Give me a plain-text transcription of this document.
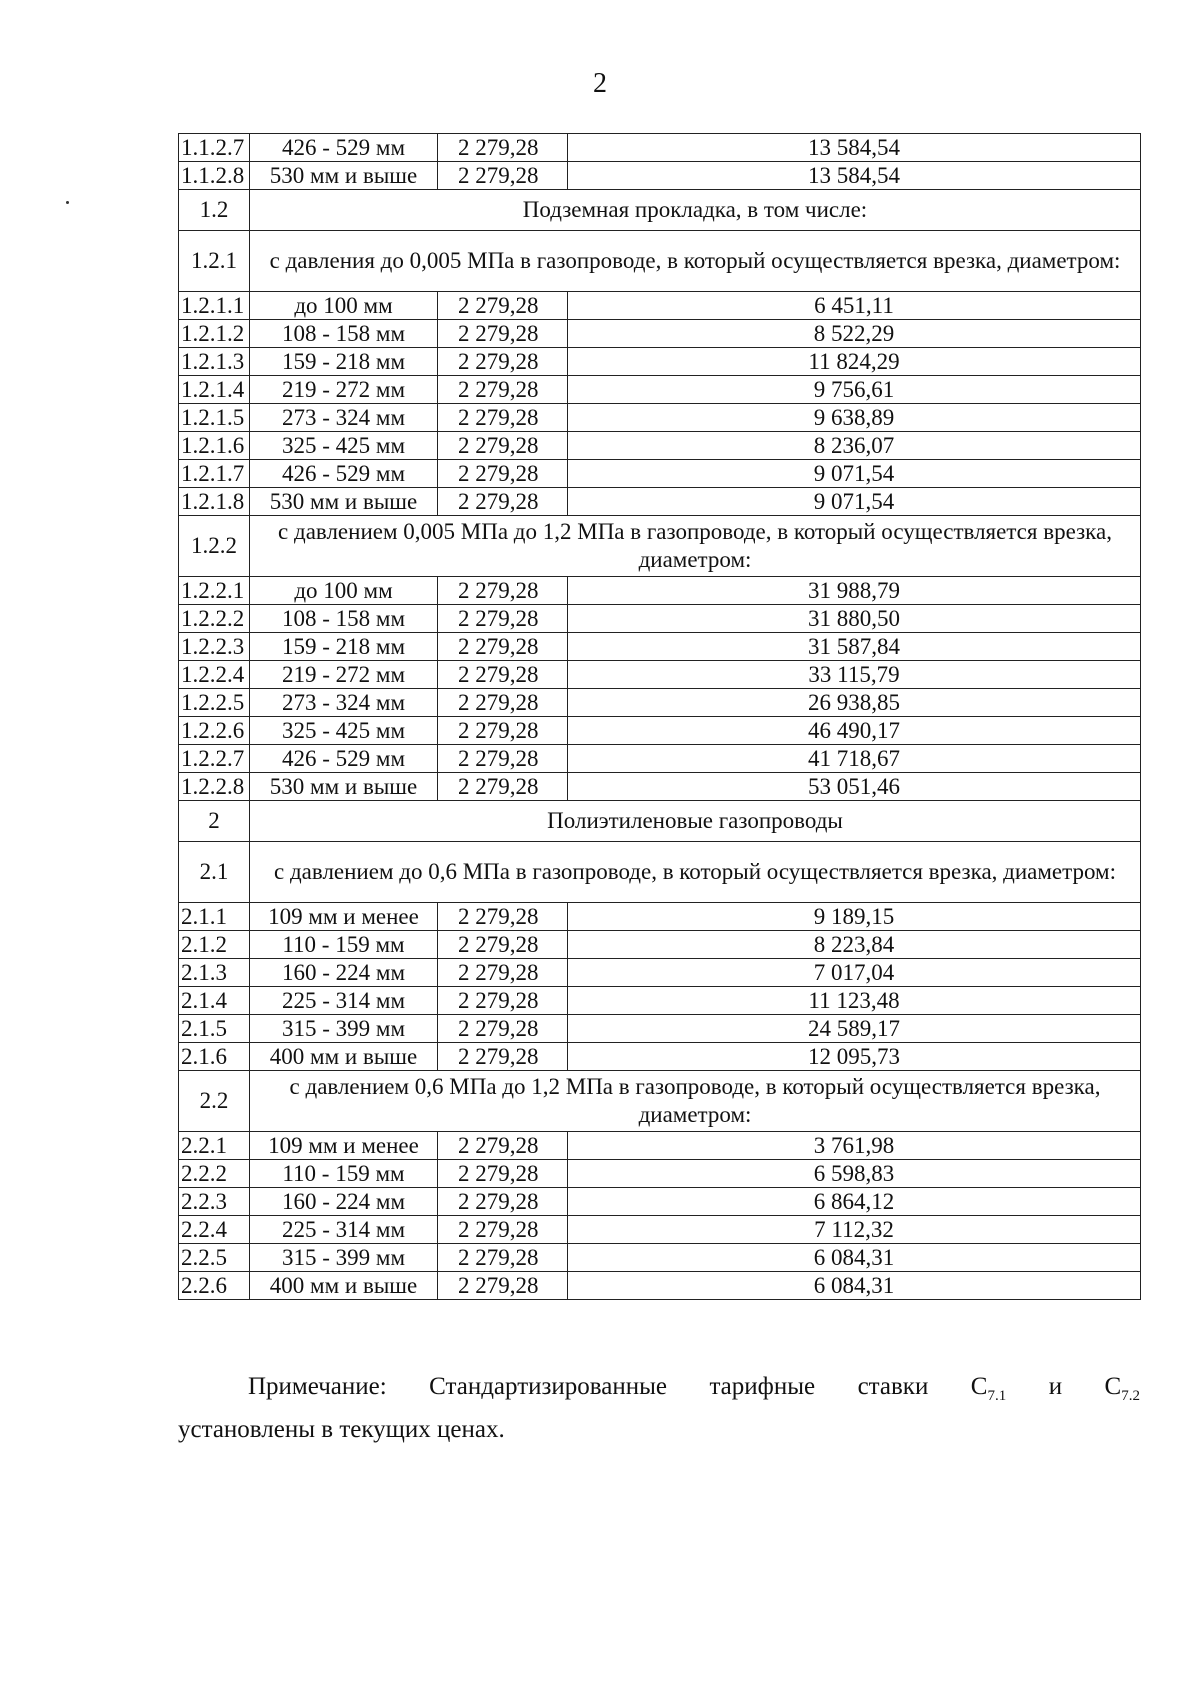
2
1.1.2.7	426 - 529 мм	2 279,28	13 584,54
1.1.2.8	530 мм и выше	2 279,28	13 584,54
1.2	Подземная прокладка, в том числе:		
1.2.1	с давления до 0,005 МПа в газопроводе, в который осуществляется врезка, диаметром:		
1.2.1.1	до 100 мм	2 279,28	6 451,11
1.2.1.2	108 - 158 мм	2 279,28	8 522,29
1.2.1.3	159 - 218 мм	2 279,28	11 824,29
1.2.1.4	219 - 272 мм	2 279,28	9 756,61
1.2.1.5	273 - 324 мм	2 279,28	9 638,89
1.2.1.6	325 - 425 мм	2 279,28	8 236,07
1.2.1.7	426 - 529 мм	2 279,28	9 071,54
1.2.1.8	530 мм и выше	2 279,28	9 071,54
1.2.2	с давлением 0,005 МПа до 1,2 МПа в газопроводе, в который осуществляется врезка, диаметром:		
1.2.2.1	до 100 мм	2 279,28	31 988,79
1.2.2.2	108 - 158 мм	2 279,28	31 880,50
1.2.2.3	159 - 218 мм	2 279,28	31 587,84
1.2.2.4	219 - 272 мм	2 279,28	33 115,79
1.2.2.5	273 - 324 мм	2 279,28	26 938,85
1.2.2.6	325 - 425 мм	2 279,28	46 490,17
1.2.2.7	426 - 529 мм	2 279,28	41 718,67
1.2.2.8	530 мм и выше	2 279,28	53 051,46
2	Полиэтиленовые газопроводы		
2.1	с давлением до 0,6 МПа в газопроводе, в который осуществляется врезка, диаметром:		
2.1.1	109 мм и менее	2 279,28	9 189,15
2.1.2	110 - 159 мм	2 279,28	8 223,84
2.1.3	160 - 224 мм	2 279,28	7 017,04
2.1.4	225 - 314 мм	2 279,28	11 123,48
2.1.5	315 - 399 мм	2 279,28	24 589,17
2.1.6	400 мм и выше	2 279,28	12 095,73
2.2	с давлением 0,6 МПа до 1,2 МПа в газопроводе, в который осуществляется врезка, диаметром:		
2.2.1	109 мм и менее	2 279,28	3 761,98
2.2.2	110 - 159 мм	2 279,28	6 598,83
2.2.3	160 - 224 мм	2 279,28	6 864,12
2.2.4	225 - 314 мм	2 279,28	7 112,32
2.2.5	315 - 399 мм	2 279,28	6 084,31
2.2.6	400 мм и выше	2 279,28	6 084,31
Примечание: Стандартизированные тарифные ставки $С_{7.1}$ и $С_{7.2}$
установлены в текущих ценах.
